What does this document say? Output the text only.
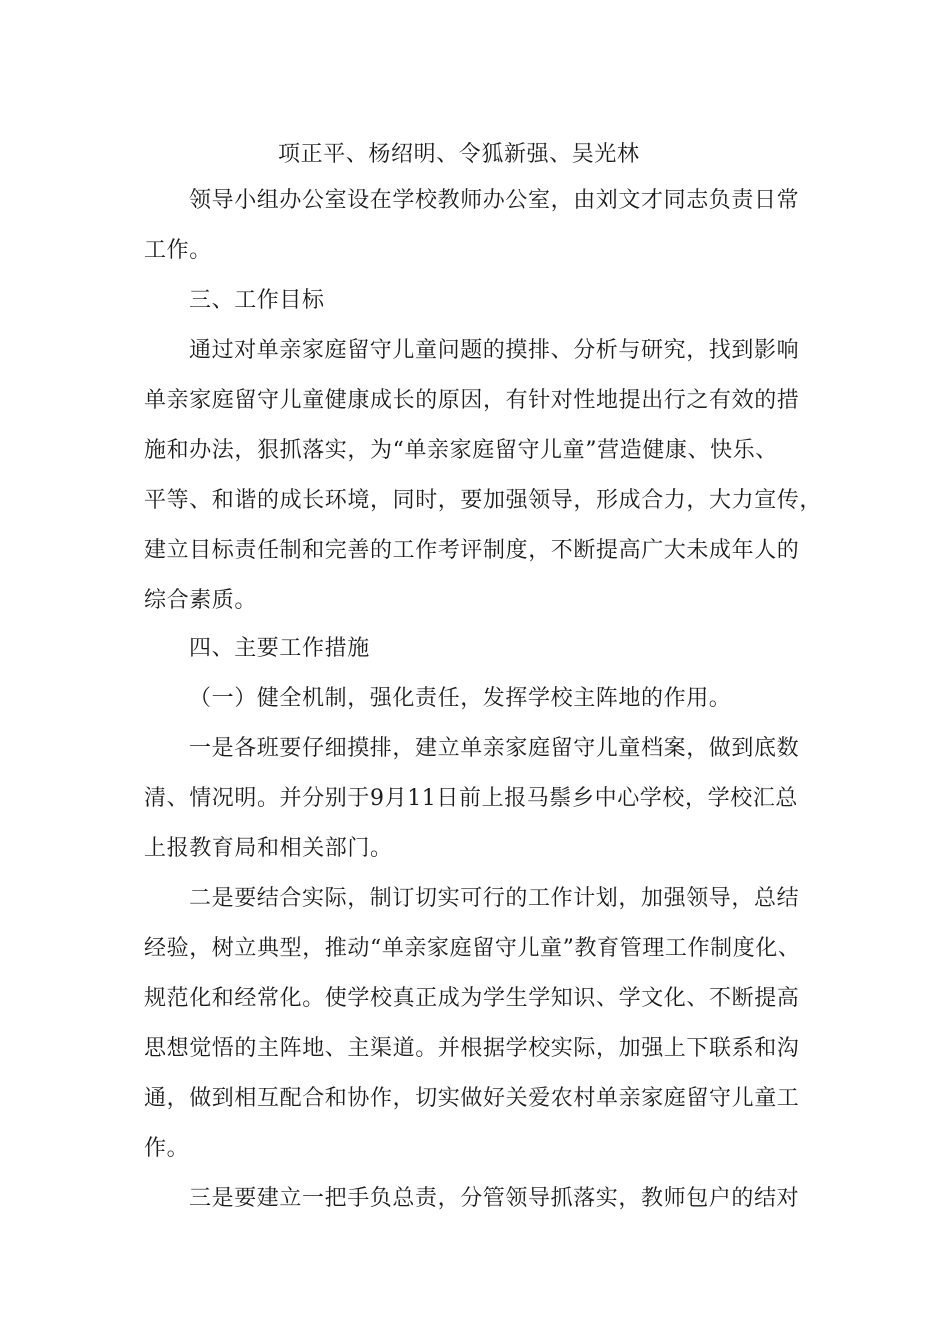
项正平、杨绍明、令狐新强、吴光林
领导小组办公室设在学校教师办公室，由刘文才同志负责日常
工作。
三、工作目标
通过对单亲家庭留守儿童问题的摸排、分析与研究，找到影响
单亲家庭留守儿童健康成长的原因，有针对性地提出行之有效的措
施和办法，狠抓落实，为“单亲家庭留守儿童”营造健康、快乐、
平等、和谐的成长环境，同时，要加强领导，形成合力，大力宣传，
建立目标责任制和完善的工作考评制度，不断提高广大未成年人的
综合素质。
四、主要工作措施
（一）健全机制，强化责任，发挥学校主阵地的作用。
一是各班要仔细摸排，建立单亲家庭留守儿童档案，做到底数
清、情况明。并分别于9月11日前上报马鬃乡中心学校，学校汇总
上报教育局和相关部门。
二是要结合实际，制订切实可行的工作计划，加强领导，总结
经验，树立典型，推动“单亲家庭留守儿童”教育管理工作制度化、
规范化和经常化。使学校真正成为学生学知识、学文化、不断提高
思想觉悟的主阵地、主渠道。并根据学校实际，加强上下联系和沟
通，做到相互配合和协作，切实做好关爱农村单亲家庭留守儿童工
作。
三是要建立一把手负总责，分管领导抓落实，教师包户的结对
